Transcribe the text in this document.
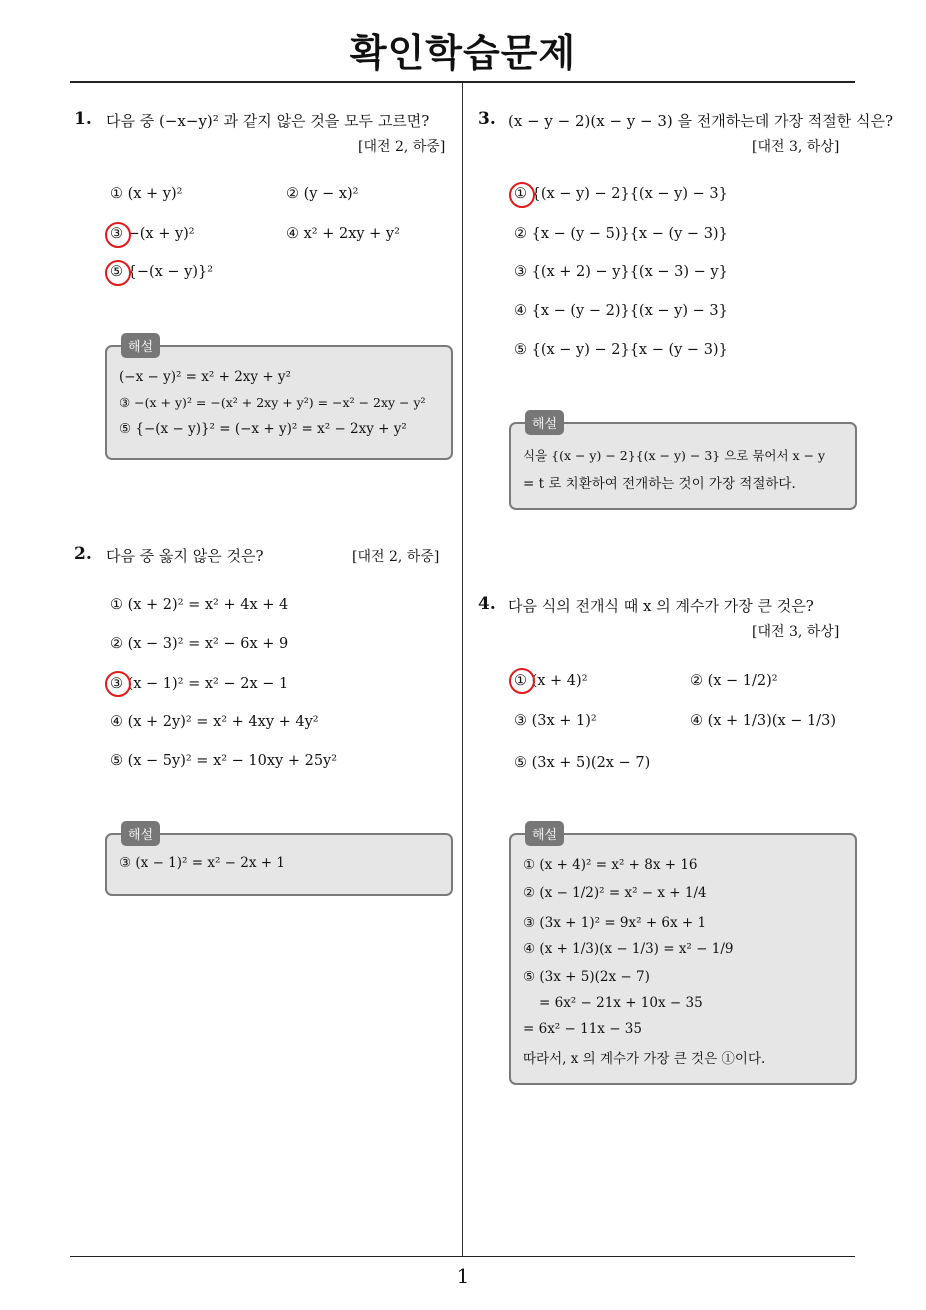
확인학습문제
1
1. 다음 중 (−x−y)² 과 같지 않은 것을 모두 고르면?
[대전 2, 하중]
① (x + y)²	② (y − x)²
③ −(x + y)²	④ x² + 2xy + y²
⑤ {−(x − y)}²
해설
(−x − y)² = x² + 2xy + y²
③ −(x + y)² = −(x² + 2xy + y²) = −x² − 2xy − y²
⑤ {−(x − y)}² = (−x + y)² = x² − 2xy + y²
2. 다음 중 옳지 않은 것은?	[대전 2, 하중]
① (x + 2)² = x² + 4x + 4
② (x − 3)² = x² − 6x + 9
③ (x − 1)² = x² − 2x − 1
④ (x + 2y)² = x² + 4xy + 4y²
⑤ (x − 5y)² = x² − 10xy + 25y²
해설
③ (x − 1)² = x² − 2x + 1
3. (x − y − 2)(x − y − 3) 을 전개하는데 가장 적절한 식은?
[대전 3, 하상]
① {(x − y) − 2}{(x − y) − 3}
② {x − (y − 5)}{x − (y − 3)}
③ {(x + 2) − y}{(x − 3) − y}
④ {x − (y − 2)}{(x − y) − 3}
⑤ {(x − y) − 2}{x − (y − 3)}
해설
식을 {(x − y) − 2}{(x − y) − 3} 으로 묶어서 x − y
= t 로 치환하여 전개하는 것이 가장 적절하다.
4. 다음 식의 전개식 때 x 의 계수가 가장 큰 것은?
[대전 3, 하상]
① (x + 4)²	② (x − 1/2)²
③ (3x + 1)²	④ (x + 1/3)(x − 1/3)
⑤ (3x + 5)(2x − 7)
해설
① (x + 4)² = x² + 8x + 16
② (x − 1/2)² = x² − x + 1/4
③ (3x + 1)² = 9x² + 6x + 1
④ (x + 1/3)(x − 1/3) = x² − 1/9
⑤ (3x + 5)(2x − 7)
= 6x² − 21x + 10x − 35
= 6x² − 11x − 35
따라서, x 의 계수가 가장 큰 것은 ①이다.
